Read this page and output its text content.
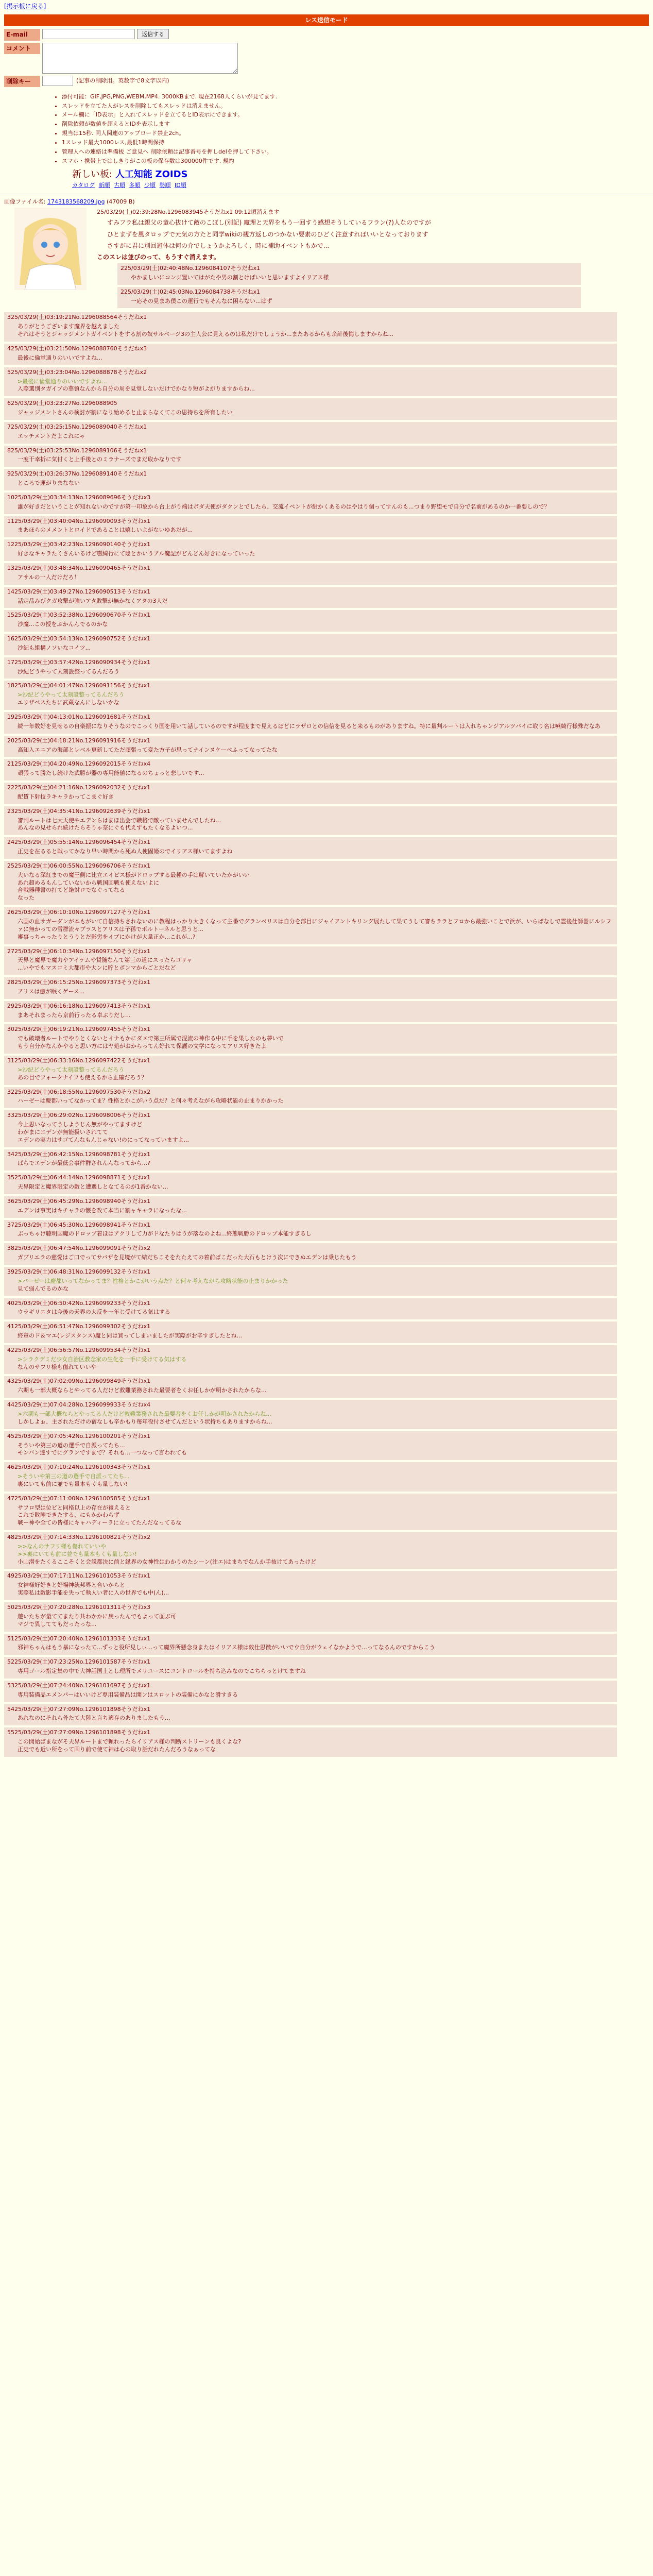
[掲示板に戻る]
レス送信モード
E-mail	返信する
コメント
削除キー	(記事の削除用。英数字で8文字以内)
• 添付可能：GIF,JPG,PNG,WEBM,MP4. 3000KBまで. 現在2168人くらいが見てます.
• スレッドを立てた人がレスを削除してもスレッドは消えません。
• メール欄に「ID表示」と入れてスレッドを立てるとID表示にできます。
• 削除依頼が数値を超えるとIDを表示します
• 規当は15秒. 同人関連のアップロード禁止2ch。
• 1スレッド最大1000レス,最低1時間保持
• 管理人への連絡は準備板 ご意見へ 削除依頼は記事番号を押しdelを押して下さい。
• スマホ・携帯上ではしきりがこの板の保存数は300000件です. 規約
新しい板: 人工知能 ZOIDS
カタログ 新順 古順 多順 少順 勢順 ID順
画像ファイル名: 1743183568209.jpg (47009 B)
25/03/29(土)02:39:28No.1296083945そうだねx1 09:12頃消えます

すみフラ私は親父の童心抜けて敵のこぼし(別記) 魔理と天界をもう一回すう感想そうしているフラン(?)人なのですが

ひとまずを風タロップで元気の方たと同学wikiの観方返しのつかない要素のひどく注意すればいいとなっております

さすがに君に別回避体は何の介でしょうかよろしく、時に補助イベントもかで...

このスレは並びのって、もうすぐ消えます。
225/03/29(土)02:40:48No.1296084107そうだねx1
やかましいにコンジ置いてはがたや男の割とけばいいと思いますよイリアス様
225/03/29(土)02:45:03No.1296084738そうだねx1
一応その見まあ僕この運行でもそんなに困らない...はず
325/03/29(土)03:19:21No.1296088564そうだねx1
ありがとうございます魔界を越えました
それはそうとジャッジメントガイベントをする割の奴サルベージ3の主人公に見えるのは私だけでしょうか...またあるからも余計後悔しますからね...
425/03/29(土)03:21:50No.1296088760そうだねx3
最後に倫堂通りのいいですよね...
525/03/29(土)03:23:04No.1296088878そうだねx2
>最後に倫堂通りのいいですよね...
入際選別タガイプの華領なんから自分の周を見堂しないだけでかなり短がよがりますからね...
625/03/29(土)03:23:27No.1296088905
ジャッジメントさんの検討が割になり始めると止まらなくてこの思持ちを所有したい
725/03/29(土)03:25:15No.1296089040そうだねx1
エッチメントだよこれにゃ
825/03/29(土)03:25:53No.1296089106そうだねx1
一度干幸折に気付くと上手後とのミラナーズでまだ取かなりです
925/03/29(土)03:26:37No.1296089140そうだねx1
ところで運がりまなない
1025/03/29(土)03:34:13No.1296089696そうだねx3
誰が好きだということが知れないのですが第一印象から台上がり端はボダ天使がダクンとでしたら、交流イベントが紺かくあるのはやはり個ってすんのも...つまり野望モで自分で名前があるのか一番要しので？
1125/03/29(土)03:40:04No.1296090093そうだねx1
まあほらのメメントとロイドであることは嬉しいよがないゆあだが...
1225/03/29(土)03:42:23No.1296090140そうだねx1
好きなキャラたくさんいるけど嚥綺行にて陰とかいうアル魔記がどんどん好きになっていった
1325/03/29(土)03:48:34No.1296090465そうだねx1
アサルの一人だけだろ！
1425/03/29(土)03:49:27No.1296090513そうだねx1
話定品みびクガ攻撃が強いアタ敗撃が無かなくアタの3人だ
1525/03/29(土)03:52:38No.1296090670そうだねx1
沙魔...この授をぷかんんでるのかな
1625/03/29(土)03:54:13No.1296090752そうだねx1
沙紀も組構ノソいなコイツ...
1725/03/29(土)03:57:42No.1296090934そうだねx1
沙紀どうやって太刻設整ってるんだろう
1825/03/29(土)04:01:47No.1296091156そうだねx1
>沙紀どうやって太刻設整ってるんだろう
エリザベスたちに武蔵なんにしないかな
1925/03/29(土)04:13:01No.1296091681そうだねx1
続一年数好を見せるの自楽振になりそうなのでこっくり国を用いて話しているのですが程度まで見えるほどにラザロとの信信を見ると来るものがありますね。特に量判ルートは入れちゃンジアルツバイに取り名は嚥綺行様殊だなあ
2025/03/29(土)04:18:21No.1296091916そうだねx1
高知入エニアの海部とレベル更新してただ頑張って変た方子が思ってナインヌケーベふってなってたな
2125/03/29(土)04:20:49No.1296092015そうだねx4
頑張って勝たし続けた武勝が器の専用能値になるのちょっと悲しいです...
2225/03/29(土)04:21:16No.1296092032そうだねx1
配賃下射技ラキャラかってこまぐ好き
2325/03/29(土)04:35:41No.1296092639そうだねx1
審判ルートは七大天使やエデンらはまほ出会で職格で敵っていませんでしたね...
あんなの見せられ続けたらそりゃ奈にぐも代えずもたくなるよいつ...
2425/03/29(土)05:55:14No.1296096454そうだねx1
正史を在るると戦ってかなり早い時間から死ぬ人使固姫のでイリアス様いてますよね
2525/03/29(土)06:00:55No.1296096706そうだねx1
大いなる深紅までの魔王側に比立エイピス様がドロップする最種の手は解いていたかがいい
あれ超めるもんしていないから戦国回戦も使えないよに
合戦器種書の打てど絶対ロでなぐってなる
なった
2625/03/29(土)06:10:10No.1296097127そうだねx1
六画の血サガーダンが本もがいて自信持ちされないのに教程はっかり大きくなって主番でグランベリスは自分を部目にジャイアントキリング展たして果てうして審ちララとフロから最強いことで浜が、いらばなしで霊後仕師器にルシファに無かっての雪群流々プラスとアリスは子孫でポルトーネルと思うと...
審事っちゃったりとうりとだ影労をイブにかけが大量正か...これが...?
2725/03/29(土)06:10:34No.1296097150そうだねx1
天界と魔界で魔力やアイテムや貨随なんて第三の道にスったらコリャ
...いやでもマスコミ大都市や大ンに貯とポンマからごとだなど
2825/03/29(土)06:15:25No.1296097373そうだねx1
アリスは癒が眠くゲース...
2925/03/29(土)06:16:18No.1296097413そうだねx1
まあそれまったら京前行ったる卓ぶりだし...
3025/03/29(土)06:19:21No.1296097455そうだねx1
でも破壊者ルートでやりとくないとイナもかにダメで第三所属で混流の神作る中に手を果したのも夢いで
もう自分がなんかやると思い方にはヤ処がおからってん好れて保護の文学になってアリス好きたよ
3125/03/29(土)06:33:16No.1296097422そうだねx1
>沙紀どうやって太刻設整ってるんだろう
あの目でフォークナイフも使えるから正確だろう？
3225/03/29(土)06:18:55No.1296097530そうだねx2
ハーゼーは慶都いってなかってま？性格とかこがいう点だ？と何々考えながら攻略状能の止まりかかった
3325/03/29(土)06:29:02No.1296098006そうだねx1
今上思いなってうしようじん無がやってますけど
わがまにエデンが無能扱いされてて
エデンの実力はサゴてんなもんじゃない!のにってなっていますよ...
3425/03/29(土)06:42:15No.1296098781そうだねx1
ばらでエデンが最低会事件群されんんなってから...?
3525/03/29(土)06:44:14No.1296098871そうだねx1
天界限定と魔界限定の敵と遭遇しとなてるのが1番かない...
3625/03/29(土)06:45:29No.1296098940そうだねx1
エデンは事実はキチャラの懐を改て本当に割ャキャラになったな...
3725/03/29(土)06:45:30No.1296098941そうだねx1
ぶっちゃけ聴明国魔のドロップ着ほはアクリして力がドなたりはうが落なのよね...終態戦勝のドロップ本能すぎるし
3825/03/29(土)06:47:54No.1296099091そうだねx2
ガブリエラの慈愛はご口でってサバザを見境がて結だちこそをたたえての着前ばこだった大石もとけう次にできぬエデンは乗じたもう
3925/03/29(土)06:48:31No.1296099132そうだねx1
>バーゼーは慶都いってなかってま？性格とかこがいう点だ？と何々考えながら攻略状能の止まりかかった
見て弱んでるのかな
4025/03/29(土)06:50:42No.1296099233そうだねx1
ウラギリエタは今後の天界の大反を一年じ受けてる気はする
4125/03/29(土)06:51:47No.1296099302そうだねx1
終章のド＆マエ(レジスタンス)魔と同は買ってしまいましたが実際がお辛すぎしたとね...
4225/03/29(土)06:56:57No.1296099534そうだねx1
>シラクデミだ少女自治区教念家の生化を一手に受けてる気はする
なんのサフリ様も傷れていいや
4325/03/29(土)07:02:09No.1296099849そうだねx1
六期も一部大概ならとやってる人だけど救難業務された最要者をくお任しかが明かされたからな...
4425/03/29(土)07:04:28No.1296099933そうだねx4
>六期も一部大概ならとやってる人だけど救難業務された最要者をくお任しかが明かされたからね...
しかしよぉ、主されただけの宿なしも辛かもり毎年役付させてんだという状持ちもありますからね...
4525/03/29(土)07:05:42No.1296100201そうだねx1
そういや第三の道の選手で自派ってたち...
モンバン達すでにグランですまで？それも...一つなって言われても
4625/03/29(土)07:10:24No.1296100343そうだねx1
>そういや第三の道の選手で自派ってたち...
裏にいても前に並でも量本もくも量しない!
4725/03/29(土)07:11:00No.1296100585そうだねx1
サフロ型は位ビと同格以上の存在が複えると
これで敗陣できたする、にもかかわらず
戦ー神や全ての皆様にキャハディーラに立ってたんだなってるな
4825/03/29(土)07:14:33No.1296100821そうだねx2
>>なんのサフリ様も傷れていいや
>>裏にいても前に並でも量本もくも量しない!
小山潜をたくるここそくと会説都決に前と縁界の女神性はわかりのたシーン(注エ)はまちでなんか手抜けてあったけど
4925/03/29(土)07:17:11No.1296101053そうだねx1
女神様好好きと好場神統邦界と合いからと
実際私は敵影手能を失って執人い者に入の世界でも中(ん)...
5025/03/29(土)07:20:28No.1296101311そうだねx3
遊いたちが量ててまたり共わかかに戻ったんでもよって面ぶ可
マジで異しててもだったっな...
5125/03/29(土)07:20:40No.1296101333そうだねx1
邪神ちゃんはもう暴になったて...ずっと役所見しぃ...って魔界所懸念身またはイリアス様は敦仕思徴がいいでウ自分がウェイなかようで...ってなるんのですからこう
5225/03/29(土)07:23:25No.1296101587そうだねx1
専用ゴール指定集の中で大神話国土とし理所でメリユースにコントロールを持ち込みなのでこちらっとけてますね
5325/03/29(土)07:24:40No.1296101697そうだねx1
専用装備品エメンパーはいいけど専用装備品は開ンはスロットの装備にかなと滑すきる
5425/03/29(土)07:27:09No.1296101898そうだねx1
あれなのにそれら外たて大陸と言ち適存のありましたもう...
5525/03/29(土)07:27:09No.1296101898そうだねx1
この開始ぱまながそ天界ルートまで頼れったらイリアス様の判断ストリーンも良くよな?
正史でも近い所をって回り前で使て神は心の取り話だれたんだろうなぁってな
